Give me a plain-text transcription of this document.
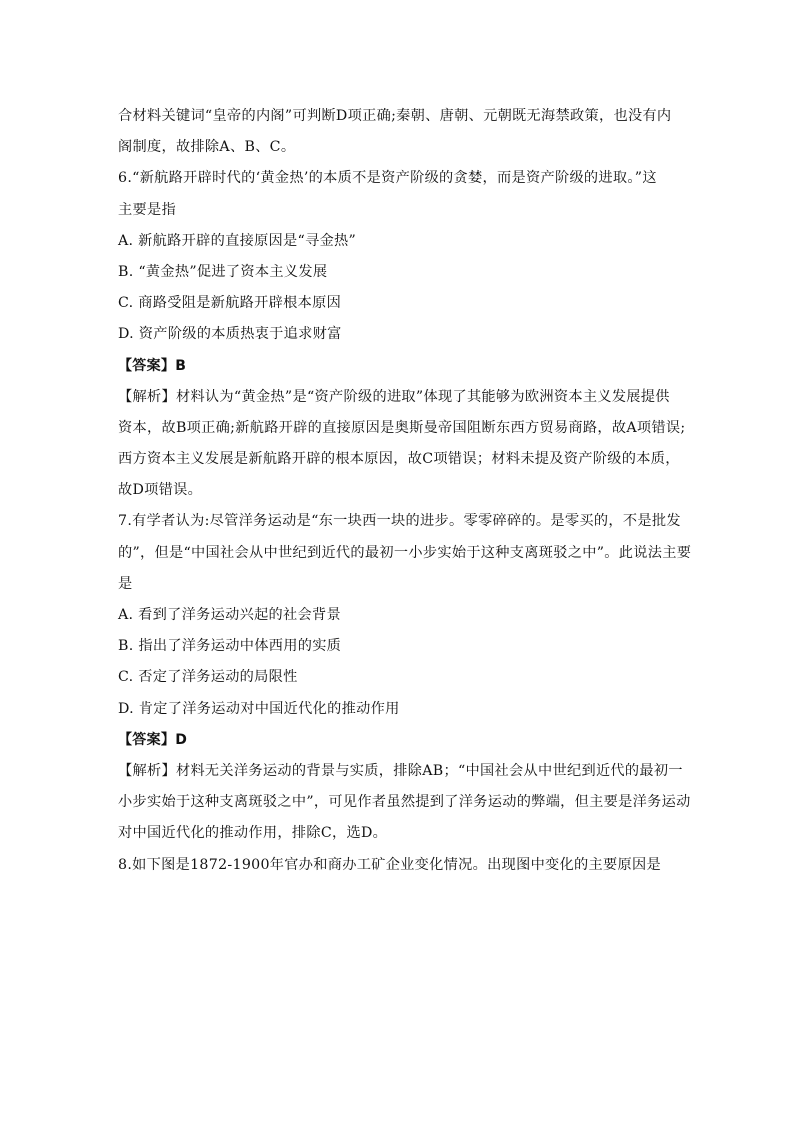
合材料关键词“皇帝的内阁”可判断D项正确;秦朝、唐朝、元朝既无海禁政策，也没有内
阁制度，故排除A、B、C。
6.“新航路开辟时代的‘黄金热’的本质不是资产阶级的贪婪，而是资产阶级的进取。”这
主要是指
A. 新航路开辟的直接原因是“寻金热”
B. “黄金热”促进了资本主义发展
C. 商路受阻是新航路开辟根本原因
D. 资产阶级的本质热衷于追求财富
【答案】B
【解析】材料认为“黄金热”是“资产阶级的进取”体现了其能够为欧洲资本主义发展提供
资本，故B项正确;新航路开辟的直接原因是奥斯曼帝国阻断东西方贸易商路，故A项错误;
西方资本主义发展是新航路开辟的根本原因，故C项错误；材料未提及资产阶级的本质，
故D项错误。
7.有学者认为:尽管洋务运动是“东一块西一块的进步。零零碎碎的。是零买的，不是批发
的”，但是“中国社会从中世纪到近代的最初一小步实始于这种支离斑驳之中”。此说法主要
是
A. 看到了洋务运动兴起的社会背景
B. 指出了洋务运动中体西用的实质
C. 否定了洋务运动的局限性
D. 肯定了洋务运动对中国近代化的推动作用
【答案】D
【解析】材料无关洋务运动的背景与实质，排除AB；“中国社会从中世纪到近代的最初一
小步实始于这种支离斑驳之中”，可见作者虽然提到了洋务运动的弊端，但主要是洋务运动
对中国近代化的推动作用，排除C，选D。
8.如下图是1872-1900年官办和商办工矿企业变化情况。出现图中变化的主要原因是
